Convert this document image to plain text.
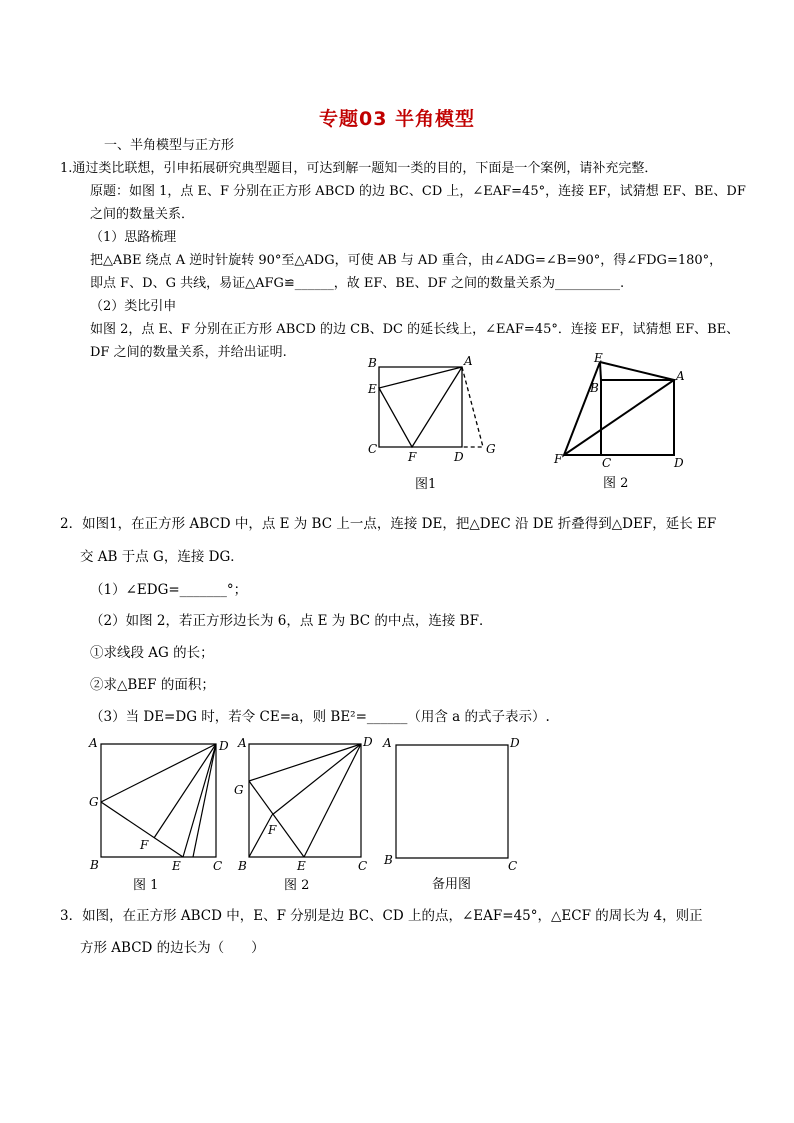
专题03 半角模型
一、半角模型与正方形
1.通过类比联想，引申拓展研究典型题目，可达到解一题知一类的目的，下面是一个案例，请补充完整．
原题：如图 1，点 E、F 分别在正方形 ABCD 的边 BC、CD 上，∠EAF=45°，连接 EF，试猜想 EF、BE、DF
之间的数量关系．
（1）思路梳理
把△ABE 绕点 A 逆时针旋转 90°至△ADG，可使 AB 与 AD 重合，由∠ADG=∠B=90°，得∠FDG=180°，
即点 F、D、G 共线，易证△AFG≌______，故 EF、BE、DF 之间的数量关系为__________.
（2）类比引申
如图 2，点 E、F 分别在正方形 ABCD 的边 CB、DC 的延长线上，∠EAF=45°．连接 EF，试猜想 EF、BE、
DF 之间的数量关系，并给出证明.
B	A
E
C
F	D
G
图1
E
B
A
F	C	D
图 2
2．如图1，在正方形 ABCD 中，点 E 为 BC 上一点，连接 DE，把△DEC 沿 DE 折叠得到△DEF，延长 EF
交 AB 于点 G，连接 DG．
（1）∠EDG=_______°；
（2）如图 2，若正方形边长为 6，点 E 为 BC 的中点，连接 BF．
①求线段 AG 的长；
②求△BEF 的面积；
（3）当 DE=DG 时，若令 CE=a，则 BE²=______（用含 a 的式子表示）.
A	D
G
F
B	E	C
图 1
A	D
G
F
B	E	C
图 2
A	D
B	C
备用图
3．如图，在正方形 ABCD 中，E、F 分别是边 BC、CD 上的点，∠EAF=45°，△ECF 的周长为 4，则正
方形 ABCD 的边长为（　　）
